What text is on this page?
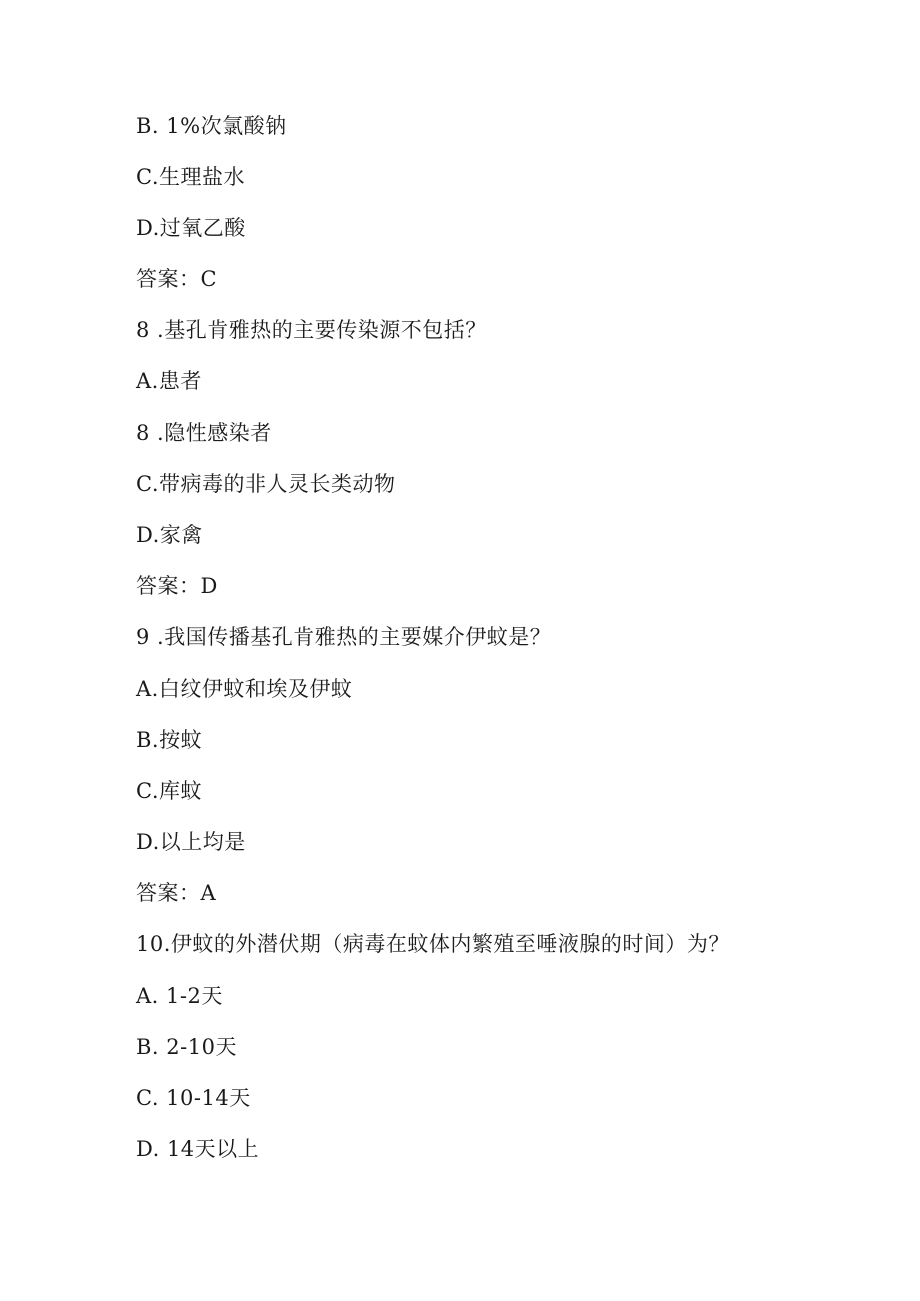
B. 1%次氯酸钠
C.生理盐水
D.过氧乙酸
答案：C
8 .基孔肯雅热的主要传染源不包括？
A.患者
8 .隐性感染者
C.带病毒的非人灵长类动物
D.家禽
答案：D
9 .我国传播基孔肯雅热的主要媒介伊蚊是？
A.白纹伊蚊和埃及伊蚊
B.按蚊
C.库蚊
D.以上均是
答案：A
10.伊蚊的外潜伏期（病毒在蚊体内繁殖至唾液腺的时间）为？
A. 1-2天
B. 2-10天
C. 10-14天
D. 14天以上
